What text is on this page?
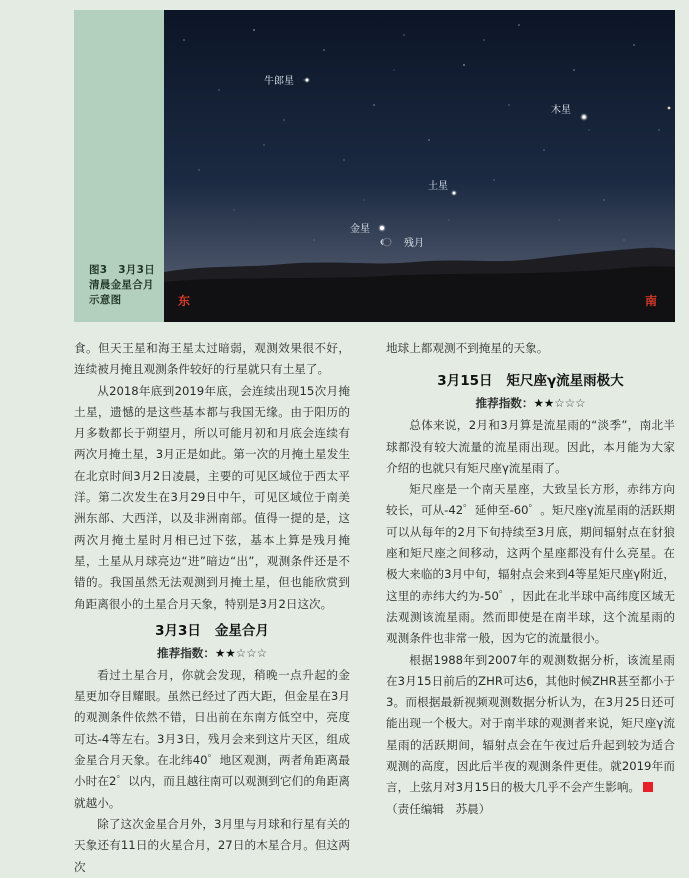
图3　3月3日清晨金星合月示意图
牛郎星
木星
土星
金星
残月
东	南

食。但天王星和海王星太过暗弱，观测效果很不好，连续被月掩且观测条件较好的行星就只有土星了。

从2018年底到2019年底，会连续出现15次月掩土星，遗憾的是这些基本都与我国无缘。由于阳历的月多数都长于朔望月，所以可能月初和月底会连续有两次月掩土星，3月正是如此。第一次的月掩土星发生在北京时间3月2日凌晨，主要的可见区域位于西太平洋。第二次发生在3月29日中午，可见区域位于南美洲东部、大西洋，以及非洲南部。值得一提的是，这两次月掩土星时月相已过下弦，基本上算是残月掩星，土星从月球亮边“进”暗边“出”，观测条件还是不错的。我国虽然无法观测到月掩土星，但也能欣赏到角距离很小的土星合月天象，特别是3月2日这次。

3月3日 金星合月
推荐指数：★★☆☆☆

看过土星合月，你就会发现，稍晚一点升起的金星更加夺目耀眼。虽然已经过了西大距，但金星在3月的观测条件依然不错，日出前在东南方低空中，亮度可达-4等左右。3月3日，残月会来到这片天区，组成金星合月天象。在北纬40゜地区观测，两者角距离最小时在2゜以内，而且越往南可以观测到它们的角距离就越小。

除了这次金星合月外，3月里与月球和行星有关的天象还有11日的火星合月，27日的木星合月。但这两次

地球上都观测不到掩星的天象。

3月15日 矩尺座γ流星雨极大
推荐指数：★★☆☆☆

总体来说，2月和3月算是流星雨的“淡季”，南北半球都没有较大流量的流星雨出现。因此，本月能为大家介绍的也就只有矩尺座γ流星雨了。

矩尺座是一个南天星座，大致呈长方形，赤纬方向较长，可从-42゜延伸至-60゜。矩尺座γ流星雨的活跃期可以从每年的2月下旬持续至3月底，期间辐射点在豺狼座和矩尺座之间移动，这两个星座都没有什么亮星。在极大来临的3月中旬，辐射点会来到4等星矩尺座γ附近，这里的赤纬大约为-50゜，因此在北半球中高纬度区域无法观测该流星雨。然而即使是在南半球，这个流星雨的观测条件也非常一般，因为它的流量很小。

根据1988年到2007年的观测数据分析，该流星雨在3月15日前后的ZHR可达6，其他时候ZHR甚至都小于3。而根据最新视频观测数据分析认为，在3月25日还可能出现一个极大。对于南半球的观测者来说，矩尺座γ流星雨的活跃期间，辐射点会在午夜过后升起到较为适合观测的高度，因此后半夜的观测条件更佳。就2019年而言，上弦月对3月15日的极大几乎不会产生影响。

（责任编辑　苏晨）
